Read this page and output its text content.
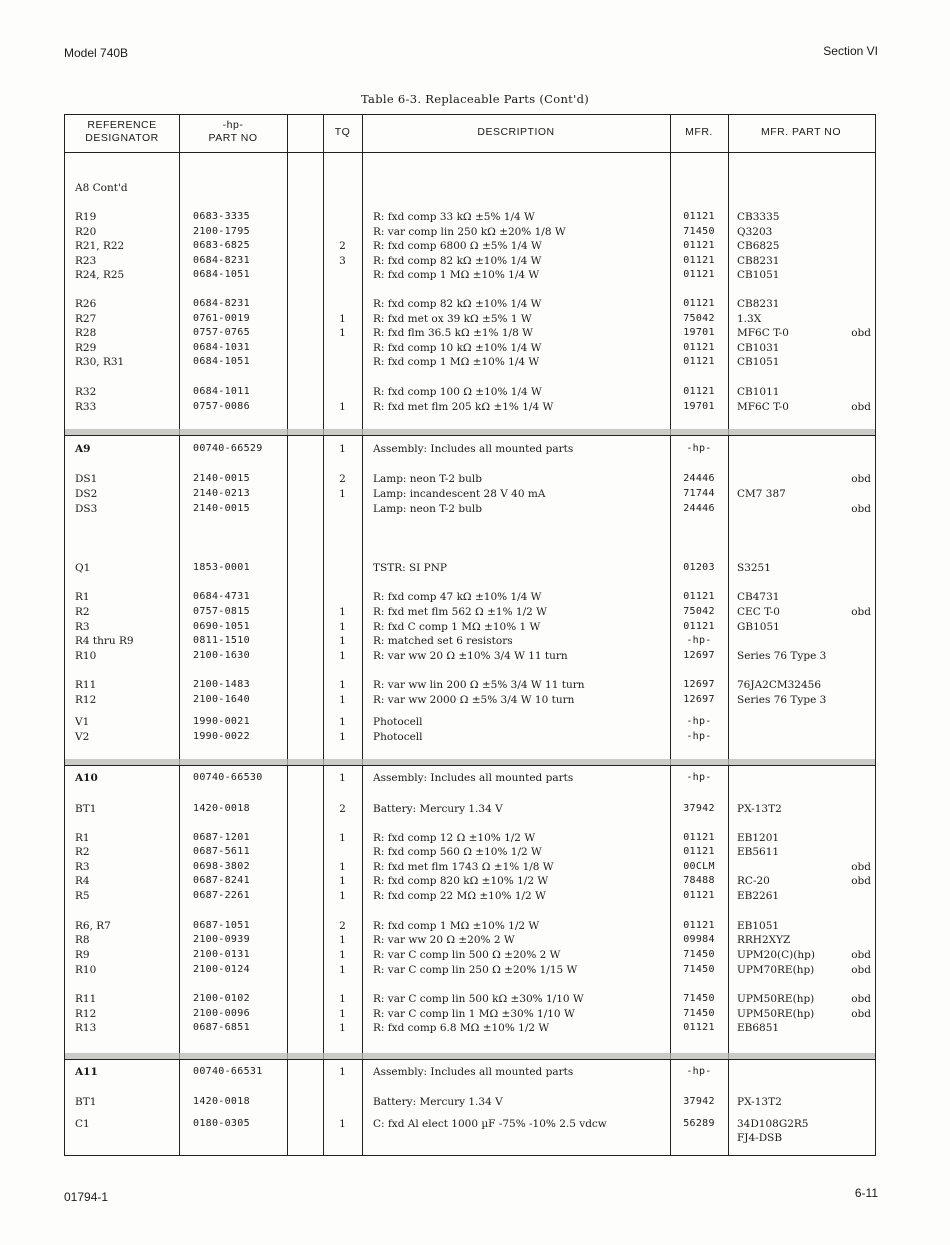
Model 740B	Section VI
Table 6-3. Replaceable Parts (Cont'd)
REFERENCE
DESIGNATOR
-hp-
PART NO	TQ	DESCRIPTION	MFR.	MFR. PART NO
A8 Cont'd
R19	0683-3335	R: fxd comp 33 kΩ ±5% 1/4 W	01121	CB3335
R20	2100-1795	R: var comp lin 250 kΩ ±20% 1/8 W	71450	Q3203
R21, R22	0683-6825	2	R: fxd comp 6800 Ω ±5% 1/4 W	01121	CB6825
R23	0684-8231	3	R: fxd comp 82 kΩ ±10% 1/4 W	01121	CB8231
R24, R25	0684-1051	R: fxd comp 1 MΩ ±10% 1/4 W	01121	CB1051
R26	0684-8231	R: fxd comp 82 kΩ ±10% 1/4 W	01121	CB8231
R27	0761-0019	1	R: fxd met ox 39 kΩ ±5% 1 W	75042	1.3X
R28	0757-0765	1	R: fxd flm 36.5 kΩ ±1% 1/8 W	19701	MF6C T-0	obd
R29	0684-1031	R: fxd comp 10 kΩ ±10% 1/4 W	01121	CB1031
R30, R31	0684-1051	R: fxd comp 1 MΩ ±10% 1/4 W	01121	CB1051
R32	0684-1011	R: fxd comp 100 Ω ±10% 1/4 W	01121	CB1011
R33	0757-0086	1	R: fxd met flm 205 kΩ ±1% 1/4 W	19701	MF6C T-0	obd
A9	00740-66529	1	Assembly: Includes all mounted parts	-hp-
DS1	2140-0015	2	Lamp: neon T-2 bulb	24446	obd
DS2	2140-0213	1	Lamp: incandescent 28 V 40 mA	71744	CM7 387
DS3	2140-0015	Lamp: neon T-2 bulb	24446	obd
Q1	1853-0001	TSTR: SI PNP	01203	S3251
R1	0684-4731	R: fxd comp 47 kΩ ±10% 1/4 W	01121	CB4731
R2	0757-0815	1	R: fxd met flm 562 Ω ±1% 1/2 W	75042	CEC T-0	obd
R3	0690-1051	1	R: fxd C comp 1 MΩ ±10% 1 W	01121	GB1051
R4 thru R9	0811-1510	1	R: matched set 6 resistors	-hp-
R10	2100-1630	1	R: var ww 20 Ω ±10% 3/4 W 11 turn	12697	Series 76 Type 3
R11	2100-1483	1	R: var ww lin 200 Ω ±5% 3/4 W 11 turn	12697	76JA2CM32456
R12	2100-1640	1	R: var ww 2000 Ω ±5% 3/4 W 10 turn	12697	Series 76 Type 3
V1	1990-0021	1	Photocell	-hp-
V2	1990-0022	1	Photocell	-hp-
A10	00740-66530	1	Assembly: Includes all mounted parts	-hp-
BT1	1420-0018	2	Battery: Mercury 1.34 V	37942	PX-13T2
R1	0687-1201	1	R: fxd comp 12 Ω ±10% 1/2 W	01121	EB1201
R2	0687-5611	R: fxd comp 560 Ω ±10% 1/2 W	01121	EB5611
R3	0698-3802	1	R: fxd met flm 1743 Ω ±1% 1/8 W	00CLM	obd
R4	0687-8241	1	R: fxd comp 820 kΩ ±10% 1/2 W	78488	RC-20	obd
R5	0687-2261	1	R: fxd comp 22 MΩ ±10% 1/2 W	01121	EB2261
R6, R7	0687-1051	2	R: fxd comp 1 MΩ ±10% 1/2 W	01121	EB1051
R8	2100-0939	1	R: var ww 20 Ω ±20% 2 W	09984	RRH2XYZ
R9	2100-0131	1	R: var C comp lin 500 Ω ±20% 2 W	71450	UPM20(C)(hp)	obd
R10	2100-0124	1	R: var C comp lin 250 Ω ±20% 1/15 W	71450	UPM70RE(hp)	obd
R11	2100-0102	1	R: var C comp lin 500 kΩ ±30% 1/10 W	71450	UPM50RE(hp)	obd
R12	2100-0096	1	R: var C comp lin 1 MΩ ±30% 1/10 W	71450	UPM50RE(hp)	obd
R13	0687-6851	1	R: fxd comp 6.8 MΩ ±10% 1/2 W	01121	EB6851
A11	00740-66531	1	Assembly: Includes all mounted parts	-hp-
BT1	1420-0018	Battery: Mercury 1.34 V	37942	PX-13T2
C1	0180-0305	1	C: fxd Al elect 1000 µF -75% -10% 2.5 vdcw	56289	34D108G2R5
FJ4-DSB
01794-1	6-11
